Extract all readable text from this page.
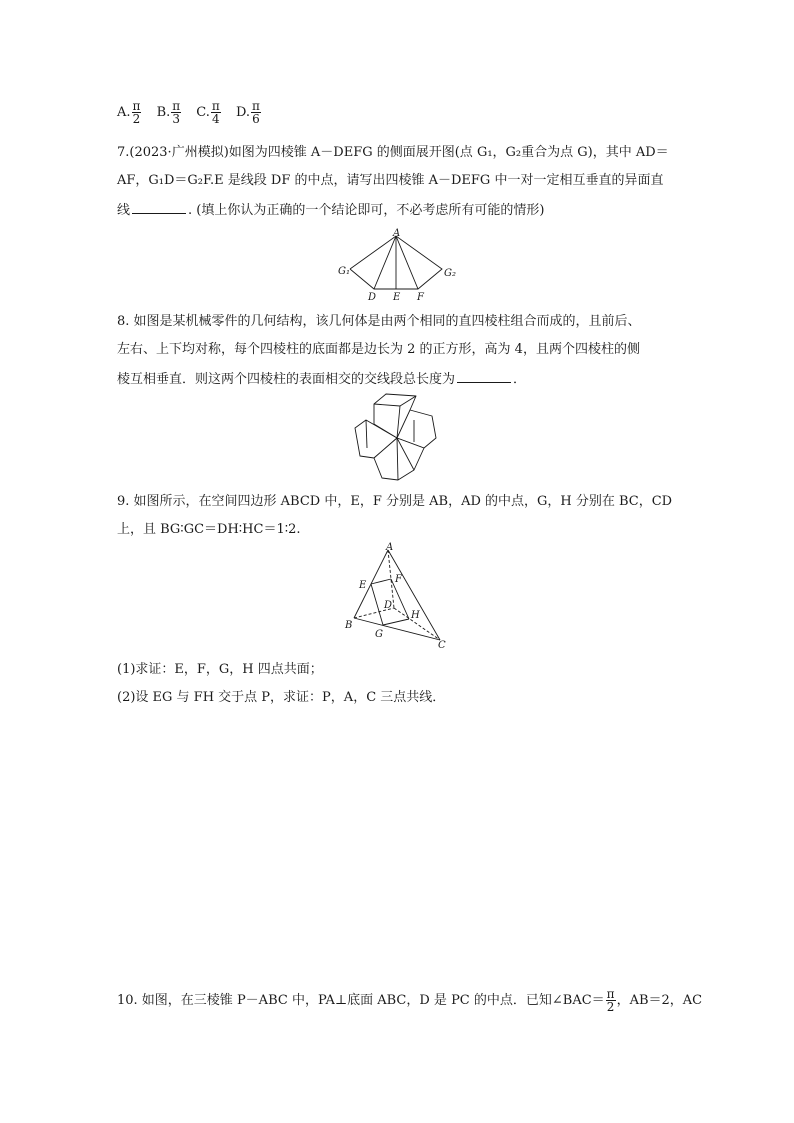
A. $\frac{\pi}{2} B$. $\frac{\pi}{3} C$. $\frac{\pi}{4} D$. $\frac{\pi}{6}$
7.(2023·广州模拟)如图为四棱锥 A－DEFG 的侧面展开图(点 G₁，G₂重合为点 G)，其中 AD＝
AF，G₁D＝G₂F.E 是线段 DF 的中点，请写出四棱锥 A－DEFG 中一对一定相互垂直的异面直
线	. (填上你认为正确的一个结论即可，不必考虑所有可能的情形)
A
G₁	G₂
D E F
8. 如图是某机械零件的几何结构，该几何体是由两个相同的直四棱柱组合而成的，且前后、
左右、上下均对称，每个四棱柱的底面都是边长为 2 的正方形，高为 4，且两个四棱柱的侧
棱互相垂直．则这两个四棱柱的表面相交的交线段总长度为	．
9. 如图所示，在空间四边形 ABCD 中，E，F 分别是 AB，AD 的中点，G，H 分别在 BC，CD
上，且 BG∶GC＝DH∶HC＝1∶2.
A
E
F
D
H
B
G
C
(1)求证：E，F，G，H 四点共面；
(2)设 EG 与 FH 交于点 P，求证：P，A，C 三点共线．
10. 如图，在三棱锥 P－ABC 中，PA⊥底面 ABC，D 是 PC 的中点．已知∠BAC＝ $\frac{\pi}{2}$ ，AB＝2，AC
